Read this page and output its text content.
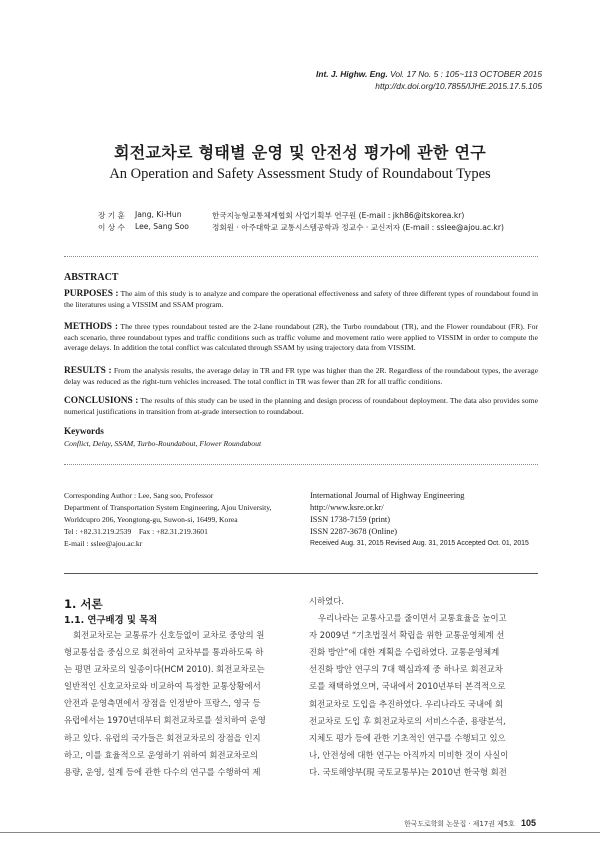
Int. J. Highw. Eng. Vol. 17 No. 5 : 105~113 OCTOBER 2015
http://dx.doi.org/10.7855/IJHE.2015.17.5.105
회전교차로 형태별 운영 및 안전성 평가에 관한 연구
An Operation and Safety Assessment Study of Roundabout Types
장 기 훈 Jang, Ki-Hun	한국지능형교통체계협회 사업기획부 연구원 (E-mail : jkh86@itskorea.kr)
이 상 수 Lee, Sang Soo	정회원 · 아주대학교 교통시스템공학과 정교수 · 교신저자 (E-mail : sslee@ajou.ac.kr)
ABSTRACT
PURPOSES : The aim of this study is to analyze and compare the operational effectiveness and safety of three different types of roundabout found in the literatures using a VISSIM and SSAM program.
METHODS : The three types roundabout tested are the 2-lane roundabout (2R), the Turbo roundabout (TR), and the Flower roundabout (FR). For each scenario, three roundabout types and traffic conditions such as traffic volume and movement ratio were applied to VISSIM in order to compute the average delays. In addition the total conflict was calculated through SSAM by using trajectory data from VISSIM.
RESULTS : From the analysis results, the average delay in TR and FR type was higher than the 2R. Regardless of the roundabout types, the average delay was reduced as the right-turn vehicles increased. The total conflict in TR was fewer than 2R for all traffic conditions.
CONCLUSIONS : The results of this study can be used in the planning and design process of roundabout deployment. The data also provides some numerical justifications in transition from at-grade intersection to roundabout.
Keywords
Conflict, Delay, SSAM, Turbo-Roundabout, Flower Roundabout
Corresponding Author : Lee, Sang soo, Professor
Department of Transportation System Engineering, Ajou University,
Worldcupro 206, Yeongtong-gu, Suwon-si, 16499, Korea
Tel : +82.31.219.2539    Fax : +82.31.219.3601
E-mail : sslee@ajou.ac.kr
International Journal of Highway Engineering
http://www.ksre.or.kr/
ISSN 1738-7159 (print)
ISSN 2287-3678 (Online)
Received Aug. 31, 2015 Revised Aug. 31, 2015 Accepted Oct. 01, 2015
1. 서론
1.1. 연구배경 및 목적
회전교차로는 교통류가 신호등없이 교차로 중앙의 원
형교통섬을 중심으로 회전하여 교차부를 통과하도록 하
는 평면 교차로의 일종이다(HCM 2010). 회전교차로는
일반적인 신호교차로와 비교하여 특정한 교통상황에서
안전과 운영측면에서 장점을 인정받아 프랑스, 영국 등
유럽에서는 1970년대부터 회전교차로를 설치하여 운영
하고 있다. 유럽의 국가들은 회전교차로의 장점을 인지
하고, 이를 효율적으로 운영하기 위하여 회전교차로의
용량, 운영, 설계 등에 관한 다수의 연구를 수행하여 제
시하였다.
우리나라는 교통사고를 줄이면서 교통효율을 높이고
자 2009년 “기초법질서 확립을 위한 교통운영체계 선
진화 방안”에 대한 계획을 수립하였다. 교통운영체계
선진화 방안 연구의 7대 핵심과제 중 하나로 회전교차
로를 채택하였으며, 국내에서 2010년부터 본격적으로
회전교차로 도입을 추진하였다. 우리나라도 국내에 회
전교차로 도입 후 회전교차로의 서비스수준, 용량분석,
지체도 평가 등에 관한 기초적인 연구를 수행되고 있으
나, 안전성에 대한 연구는 아직까지 미비한 것이 사실이
다. 국토해양부(現 국토교통부)는 2010년 한국형 회전
한국도로학회 논문집 · 제17권 제5호 105
